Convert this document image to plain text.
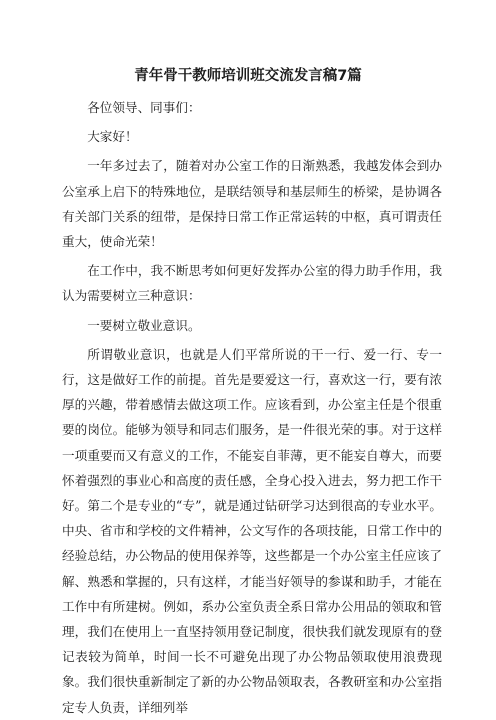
青年骨干教师培训班交流发言稿7篇

各位领导、同事们：

大家好！

一年多过去了，随着对办公室工作的日渐熟悉，我越发体会到办公室承上启下的特殊地位，是联结领导和基层师生的桥梁，是协调各有关部门关系的纽带，是保持日常工作正常运转的中枢，真可谓责任重大，使命光荣！

在工作中，我不断思考如何更好发挥办公室的得力助手作用，我认为需要树立三种意识：

一要树立敬业意识。

所谓敬业意识，也就是人们平常所说的干一行、爱一行、专一行，这是做好工作的前提。首先是要爱这一行，喜欢这一行，要有浓厚的兴趣，带着感情去做这项工作。应该看到，办公室主任是个很重要的岗位。能够为领导和同志们服务，是一件很光荣的事。对于这样一项重要而又有意义的工作，不能妄自菲薄，更不能妄自尊大，而要怀着强烈的事业心和高度的责任感，全身心投入进去，努力把工作干好。第二个是专业的“专”，就是通过钻研学习达到很高的专业水平。中央、省市和学校的文件精神，公文写作的各项技能，日常工作中的经验总结，办公物品的使用保养等，这些都是一个办公室主任应该了解、熟悉和掌握的，只有这样，才能当好领导的参谋和助手，才能在工作中有所建树。例如，系办公室负责全系日常办公用品的领取和管理，我们在使用上一直坚持领用登记制度，很快我们就发现原有的登记表较为简单，时间一长不可避免出现了办公物品领取使用浪费现象。我们很快重新制定了新的办公物品领取表，各教研室和办公室指定专人负责，详细列举
